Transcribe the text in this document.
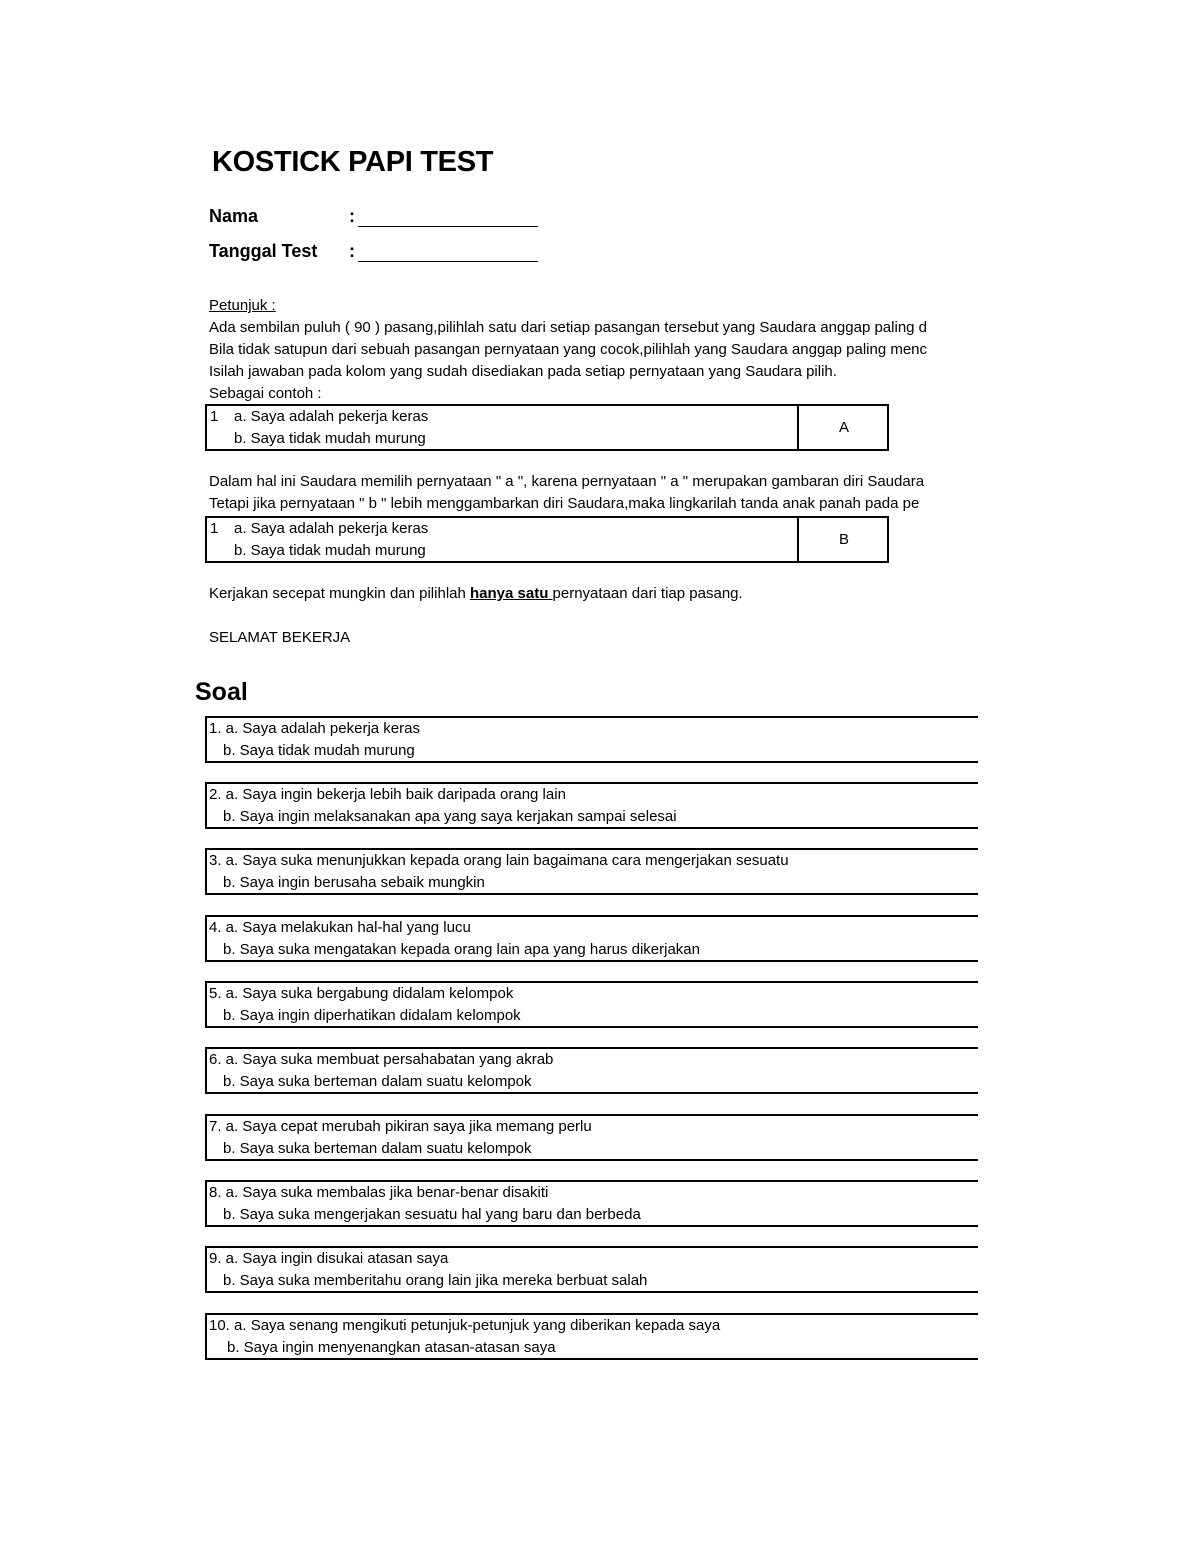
KOSTICK PAPI TEST
Nama	:
Tanggal Test :
Petunjuk :
Ada sembilan puluh ( 90 ) pasang,pilihlah satu dari setiap pasangan tersebut yang Saudara anggap paling d
Bila tidak satupun dari sebuah pasangan pernyataan yang cocok,pilihlah yang Saudara anggap paling menc
Isilah jawaban pada kolom yang sudah disediakan pada setiap pernyataan yang Saudara pilih.
Sebagai contoh :
1 a. Saya adalah pekerja keras
b. Saya tidak mudah murung
A
Dalam hal ini Saudara memilih pernyataan " a ", karena pernyataan " a " merupakan gambaran diri Saudara
Tetapi jika pernyataan " b " lebih menggambarkan diri Saudara,maka lingkarilah tanda anak panah pada pe
1 a. Saya adalah pekerja keras
b. Saya tidak mudah murung
B
Kerjakan secepat mungkin dan pilihlah hanya satu pernyataan dari tiap pasang.
SELAMAT BEKERJA
Soal
1. a. Saya adalah pekerja keras
b. Saya tidak mudah murung
2. a. Saya ingin bekerja lebih baik daripada orang lain
b. Saya ingin melaksanakan apa yang saya kerjakan sampai selesai
3. a. Saya suka menunjukkan kepada orang lain bagaimana cara mengerjakan sesuatu
b. Saya ingin berusaha sebaik mungkin
4. a. Saya melakukan hal-hal yang lucu
b. Saya suka mengatakan kepada orang lain apa yang harus dikerjakan
5. a. Saya suka bergabung didalam kelompok
b. Saya ingin diperhatikan didalam kelompok
6. a. Saya suka membuat persahabatan yang akrab
b. Saya suka berteman dalam suatu kelompok
7. a. Saya cepat merubah pikiran saya jika memang perlu
b. Saya suka berteman dalam suatu kelompok
8. a. Saya suka membalas jika benar-benar disakiti
b. Saya suka mengerjakan sesuatu hal yang baru dan berbeda
9. a. Saya ingin disukai atasan saya
b. Saya suka memberitahu orang lain jika mereka berbuat salah
10. a. Saya senang mengikuti petunjuk-petunjuk yang diberikan kepada saya
b. Saya ingin menyenangkan atasan-atasan saya
